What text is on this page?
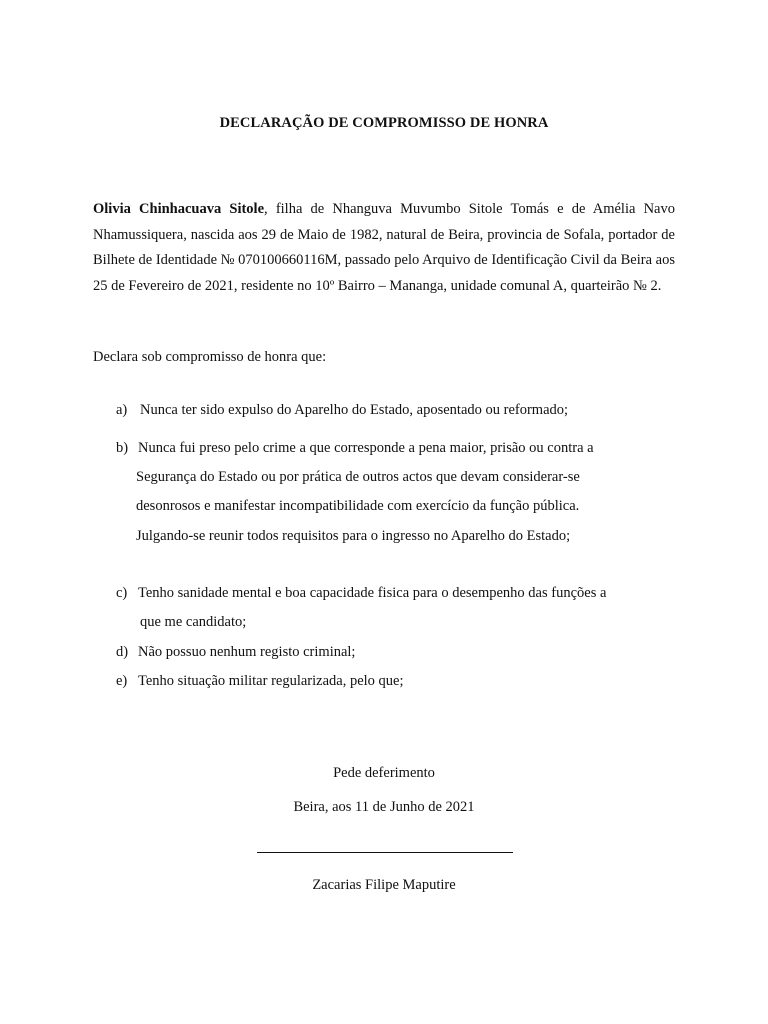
DECLARAÇÃO DE COMPROMISSO DE HONRA
Olivia Chinhacuava Sitole, filha de Nhanguva Muvumbo Sitole Tomás e de Amélia Navo Nhamussiquera, nascida aos 29 de Maio de 1982, natural de Beira, provincia de Sofala, portador de Bilhete de Identidade № 070100660116M, passado pelo Arquivo de Identificação Civil da Beira aos 25 de Fevereiro de 2021, residente no 10º Bairro – Mananga, unidade comunal A, quarteirão № 2.
Declara sob compromisso de honra que:
a) Nunca ter sido expulso do Aparelho do Estado, aposentado ou reformado;
b) Nunca fui preso pelo crime a que corresponde a pena maior, prisão ou contra a
Segurança do Estado ou por prática de outros actos que devam considerar-se
desonrosos e manifestar incompatibilidade com exercício da função pública.
Julgando-se reunir todos requisitos para o ingresso no Aparelho do Estado;
c) Tenho sanidade mental e boa capacidade fisica para o desempenho das funções a
que me candidato;
d) Não possuo nenhum registo criminal;
e) Tenho situação militar regularizada, pelo que;
Pede deferimento
Beira, aos 11 de Junho de 2021
Zacarias Filipe Maputire
